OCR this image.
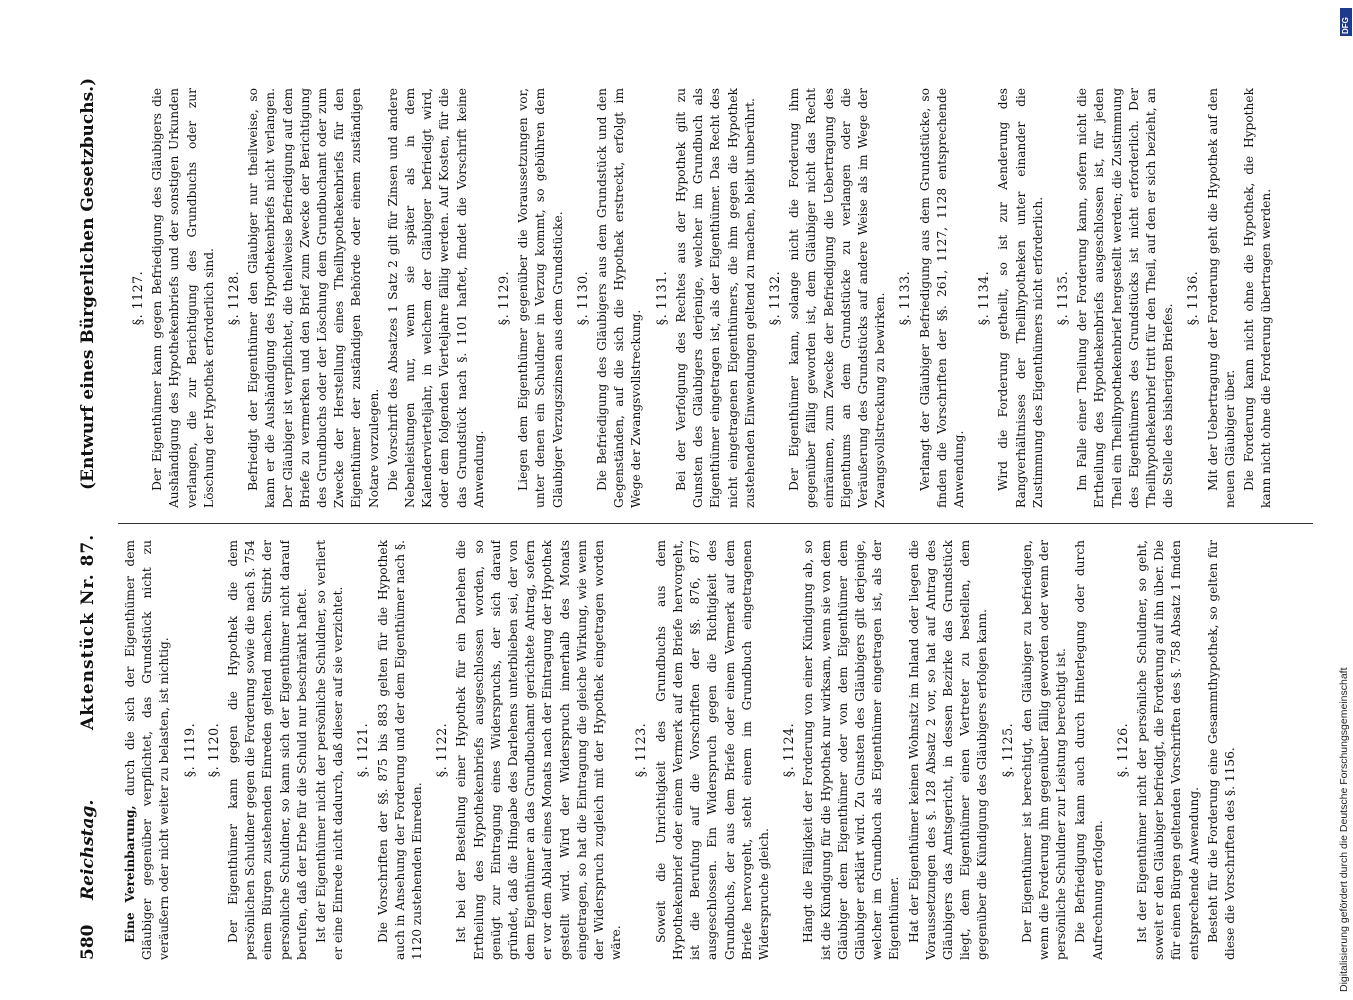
580
Reichstag.
Aktenstück Nr. 87.
(Entwurf eines Bürgerlichen Gesetzbuchs.)
Eine Vereinbarung, durch die sich der Eigenthümer dem Gläubiger gegenüber verpflichtet, das Grundstück nicht zu veräußern oder nicht weiter zu belasten, ist nichtig. §. 1119. §. 1120. Der Eigenthümer kann gegen die Hypothek die dem persönlichen Schuldner gegen die Forderung sowie die nach §. 754 einem Bürgen zustehenden Einreden geltend machen. Stirbt der persönliche Schuldner, so kann sich der Eigenthümer nicht darauf berufen, daß der Erbe für die Schuld nur beschränkt haftet. Ist der Eigenthümer nicht der persönliche Schuldner, so verliert er eine Einrede nicht dadurch, daß dieser auf sie verzichtet. §. 1121. Die Vorschriften der §§. 875 bis 883 gelten für die Hypothek auch in Ansehung der Forderung und der dem Eigenthümer nach §. 1120 zustehenden Einreden.
§. 1122. Ist bei der Bestellung einer Hypothek für ein Darlehen die Ertheilung des Hypothekenbriefs ausgeschlossen worden, so genügt zur Eintragung eines Widerspruchs, der sich darauf gründet, daß die Hingabe des Darlehens unterblieben sei, der von dem Eigenthümer an das Grundbuchamt gerichtete Antrag, sofern er vor dem Ablauf eines Monats nach der Eintragung der Hypothek gestellt wird. Wird der Widerspruch innerhalb des Monats eingetragen, so hat die Eintragung die gleiche Wirkung, wie wenn der Widerspruch zugleich mit der Hypothek eingetragen worden wäre.
§. 1123. Soweit die Unrichtigkeit des Grundbuchs aus dem Hypothekenbrief oder einem Vermerk auf dem Briefe hervorgeht, ist die Berufung auf die Vorschriften der §§. 876, 877 ausgeschlossen. Ein Widerspruch gegen die Richtigkeit des Grundbuchs, der aus dem Briefe oder einem Vermerk auf dem Briefe hervorgeht, steht einem im Grundbuch eingetragenen Widerspruche gleich.
§. 1124. Hängt die Fälligkeit der Forderung von einer Kündigung ab, so ist die Kündigung für die Hypothek nur wirksam, wenn sie von dem Gläubiger dem Eigenthümer oder von dem Eigenthümer dem Gläubiger erklärt wird. Zu Gunsten des Gläubigers gilt derjenige, welcher im Grundbuch als Eigenthümer eingetragen ist, als der Eigenthümer. Hat der Eigenthümer keinen Wohnsitz im Inland oder liegen die Voraussetzungen des §. 128 Absatz 2 vor, so hat auf Antrag des Gläubigers das Amtsgericht, in dessen Bezirke das Grundstück liegt, dem Eigenthümer einen Vertreter zu bestellen, dem gegenüber die Kündigung des Gläubigers erfolgen kann. §. 1125. Der Eigenthümer ist berechtigt, den Gläubiger zu befriedigen, wenn die Forderung ihm gegenüber fällig geworden oder wenn der persönliche Schuldner zur Leistung berechtigt ist. Die Befriedigung kann auch durch Hinterlegung oder durch Aufrechnung erfolgen.
§. 1126. Ist der Eigenthümer nicht der persönliche Schuldner, so geht, soweit er den Gläubiger befriedigt, die Forderung auf ihn über. Die für einen Bürgen geltenden Vorschriften des §. 758 Absatz 1 finden entsprechende Anwendung. Besteht für die Forderung eine Gesammthypothek, so gelten für diese die Vorschriften des §. 1156.
§. 1127. Der Eigenthümer kann gegen Befriedigung des Gläubigers die Aushändigung des Hypothekenbriefs und der sonstigen Urkunden verlangen, die zur Berichtigung des Grundbuchs oder zur Löschung der Hypothek erforderlich sind. §. 1128. Befriedigt der Eigenthümer den Gläubiger nur theilweise, so kann er die Aushändigung des Hypothekenbriefs nicht verlangen. Der Gläubiger ist verpflichtet, die theilweise Befriedigung auf dem Briefe zu vermerken und den Brief zum Zwecke der Berichtigung des Grundbuchs oder der Löschung dem Grundbuchamt oder zum Zwecke der Herstellung eines Theilhypothekenbriefs für den Eigenthümer der zuständigen Behörde oder einem zuständigen Notare vorzulegen. Die Vorschrift des Absatzes 1 Satz 2 gilt für Zinsen und andere Nebenleistungen nur, wenn sie später als in dem Kalendervierteljahr, in welchem der Gläubiger befriedigt wird, oder dem folgenden Vierteljahre fällig werden. Auf Kosten, für die das Grundstück nach §. 1101 haftet, findet die Vorschrift keine Anwendung.
§. 1129. Liegen dem Eigenthümer gegenüber die Voraussetzungen vor, unter denen ein Schuldner in Verzug kommt, so gebühren dem Gläubiger Verzugszinsen aus dem Grundstücke. §. 1130. Die Befriedigung des Gläubigers aus dem Grundstück und den Gegenständen, auf die sich die Hypothek erstreckt, erfolgt im Wege der Zwangsvollstreckung.
§. 1131. Bei der Verfolgung des Rechtes aus der Hypothek gilt zu Gunsten des Gläubigers derjenige, welcher im Grundbuch als Eigenthümer eingetragen ist, als der Eigenthümer. Das Recht des nicht eingetragenen Eigenthümers, die ihm gegen die Hypothek zustehenden Einwendungen geltend zu machen, bleibt unberührt. §. 1132. Der Eigenthümer kann, solange nicht die Forderung ihm gegenüber fällig geworden ist, dem Gläubiger nicht das Recht einräumen, zum Zwecke der Befriedigung die Uebertragung des Eigenthums an dem Grundstücke zu verlangen oder die Veräußerung des Grundstücks auf andere Weise als im Wege der Zwangsvollstreckung zu bewirken. §. 1133. Verlangt der Gläubiger Befriedigung aus dem Grundstücke, so finden die Vorschriften der §§. 261, 1127, 1128 entsprechende Anwendung.
§. 1134. Wird die Forderung getheilt, so ist zur Aenderung des Rangverhältnisses der Theilhypotheken unter einander die Zustimmung des Eigenthümers nicht erforderlich. §. 1135. Im Falle einer Theilung der Forderung kann, sofern nicht die Ertheilung des Hypothekenbriefs ausgeschlossen ist, für jeden Theil ein Theilhypothekenbrief hergestellt werden; die Zustimmung des Eigenthümers des Grundstücks ist nicht erforderlich. Der Theilhypothekenbrief tritt für den Theil, auf den er sich bezieht, an die Stelle des bisherigen Briefes.
§. 1136. Mit der Uebertragung der Forderung geht die Hypothek auf den neuen Gläubiger über. Die Forderung kann nicht ohne die Hypothek, die Hypothek kann nicht ohne die Forderung übertragen werden.
Digitalisierung gefördert durch die Deutsche Forschungsgemeinschaft
DFG
